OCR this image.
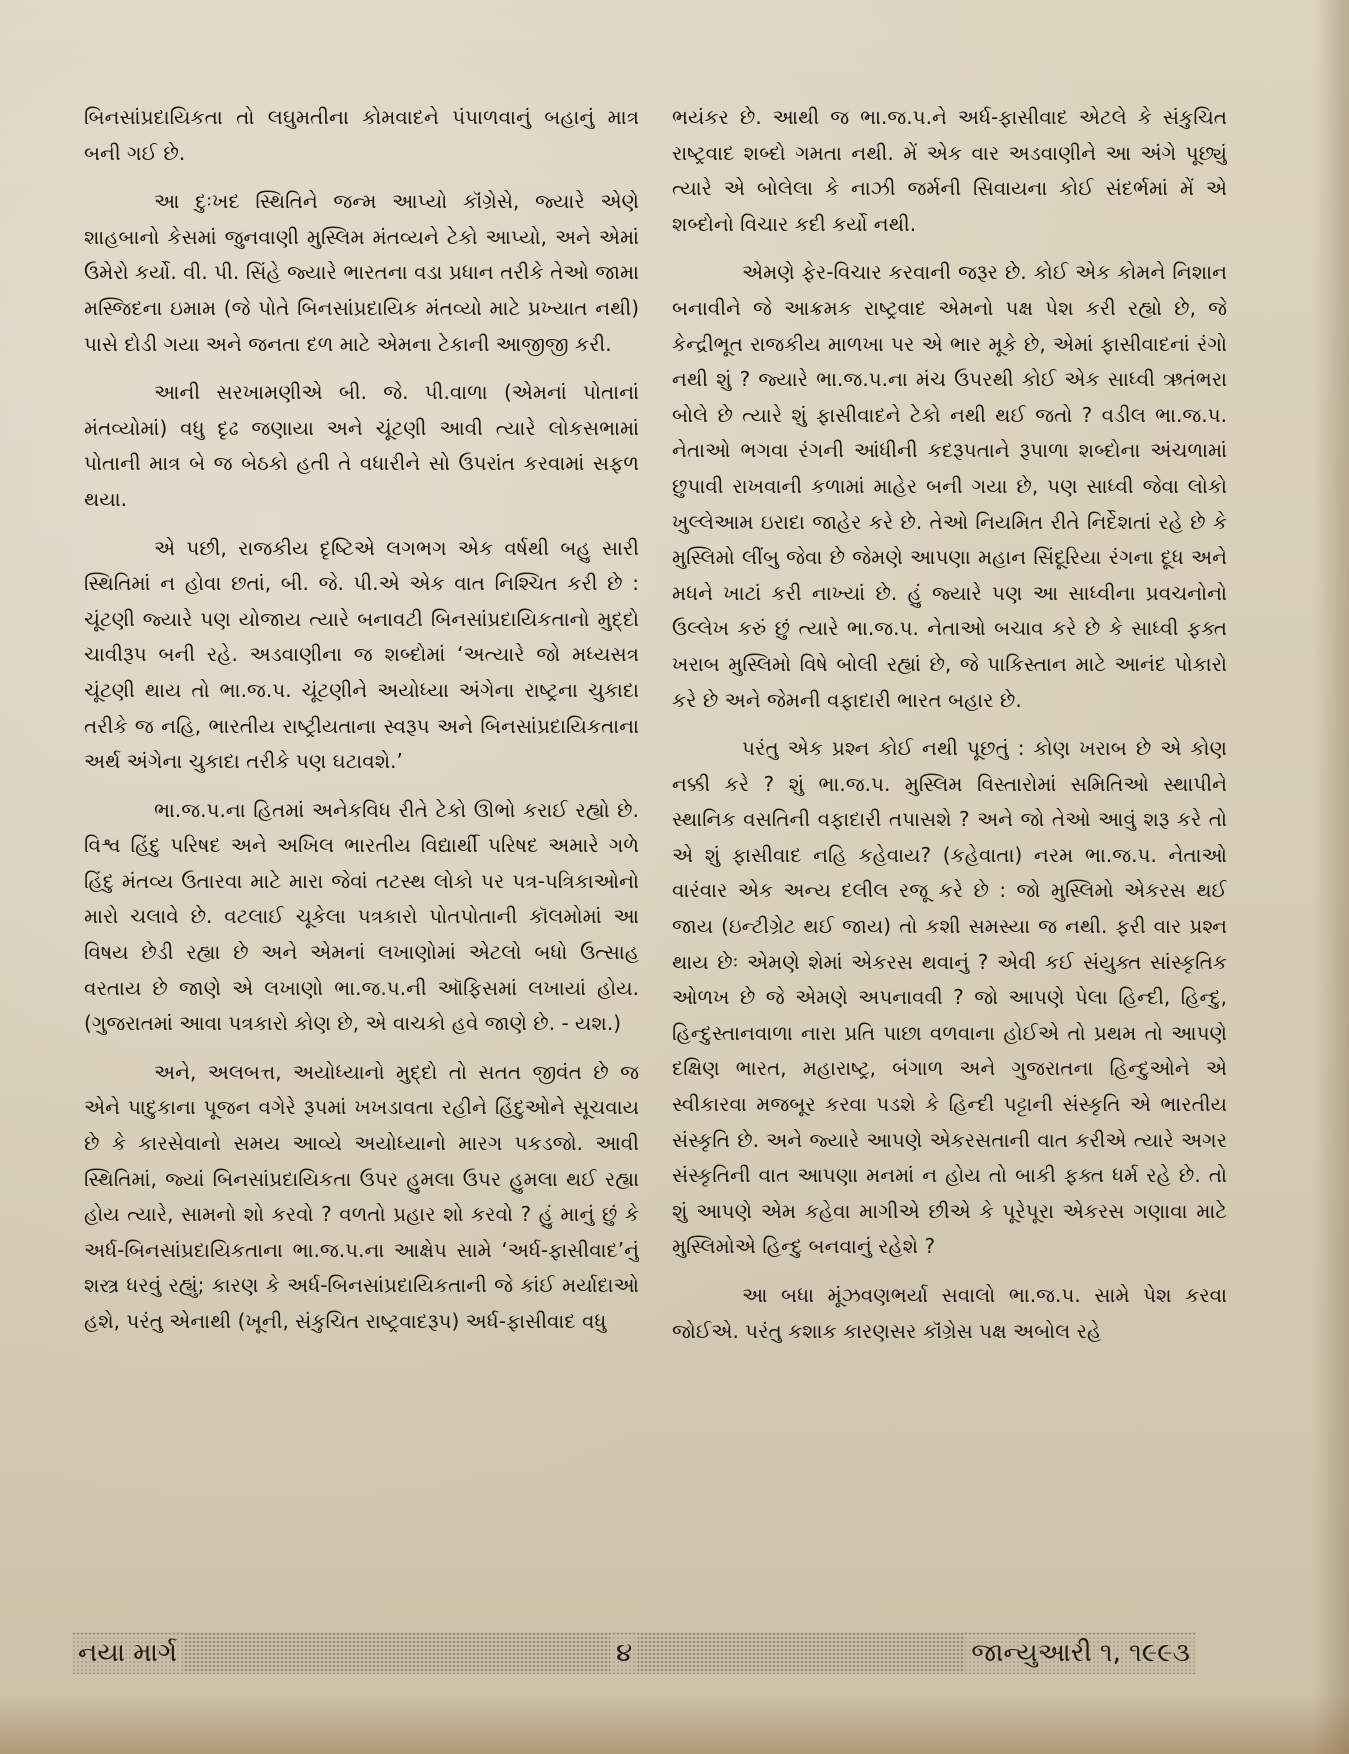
બિનસાંપ્રદાયિકતા તો લઘુમતીના કોમવાદને પંપાળવાનું બહાનું માત્ર બની ગઈ છે.

આ દુઃખદ સ્થિતિને જન્મ આપ્યો કૉંગ્રેસે, જ્યારે એણે શાહબાનો કેસમાં જુનવાણી મુસ્લિમ મંતવ્યને ટેકો આપ્યો, અને એમાં ઉમેરો કર્યો. વી. પી. સિંહે જ્યારે ભારતના વડા પ્રધાન તરીકે તેઓ જામા મસ્જિદના ઇમામ (જે પોતે બિનસાંપ્રદાયિક મંતવ્યો માટે પ્રખ્યાત નથી) પાસે દોડી ગયા અને જનતા દળ માટે એમના ટેકાની આજીજી કરી.

આની સરખામણીએ બી. જે. પી.વાળા (એમનાં પોતાનાં મંતવ્યોમાં) વધુ દૃઢ જણાયા અને ચૂંટણી આવી ત્યારે લોકસભામાં પોતાની માત્ર બે જ બેઠકો હતી તે વધારીને સો ઉપરાંત કરવામાં સફળ થયા.

એ પછી, રાજકીય દૃષ્ટિએ લગભગ એક વર્ષથી બહુ સારી સ્થિતિમાં ન હોવા છતાં, બી. જે. પી.એ એક વાત નિશ્ચિત કરી છે : ચૂંટણી જ્યારે પણ યોજાય ત્યારે બનાવટી બિનસાંપ્રદાયિકતાનો મુદ્દો ચાવીરૂપ બની રહે. અડવાણીના જ શબ્દોમાં ‘અત્યારે જો મધ્યસત્ર ચૂંટણી થાય તો ભા.જ.પ. ચૂંટણીને અયોધ્યા અંગેના રાષ્ટ્રના ચુકાદા તરીકે જ નહિ, ભારતીય રાષ્ટ્રીયતાના સ્વરૂપ અને બિનસાંપ્રદાયિકતાના અર્થ અંગેના ચુકાદા તરીકે પણ ઘટાવશે.’

ભા.જ.પ.ના હિતમાં અનેકવિધ રીતે ટેકો ઊભો કરાઈ રહ્યો છે. વિશ્વ હિંદુ પરિષદ અને અખિલ ભારતીય વિદ્યાર્થી પરિષદ અમારે ગળે હિંદુ મંતવ્ય ઉતારવા માટે મારા જેવાં તટસ્થ લોકો પર પત્ર-પત્રિકાઓનો મારો ચલાવે છે. વટલાઈ ચૂકેલા પત્રકારો પોતપોતાની કૉલમોમાં આ વિષય છેડી રહ્યા છે અને એમનાં લખાણોમાં એટલો બધો ઉત્સાહ વરતાય છે જાણે એ લખાણો ભા.જ.પ.ની ઑફિસમાં લખાયાં હોય. (ગુજરાતમાં આવા પત્રકારો કોણ છે, એ વાચકો હવે જાણે છે. - યશ.)

અને, અલબત્ત, અયોધ્યાનો મુદ્દો તો સતત જીવંત છે જ એને પાદુકાના પૂજન વગેરે રૂપમાં ખખડાવતા રહીને હિંદુઓને સૂચવાય છે કે કારસેવાનો સમય આવ્યે અયોધ્યાનો મારગ પકડજો. આવી સ્થિતિમાં, જ્યાં બિનસાંપ્રદાયિકતા ઉપર હુમલા ઉપર હુમલા થઈ રહ્યા હોય ત્યારે, સામનો શો કરવો ? વળતો પ્રહાર શો કરવો ? હું માનું છું કે અર્ધ-બિનસાંપ્રદાયિકતાના ભા.જ.પ.ના આક્ષેપ સામે ‘અર્ધ-ફાસીવાદ’નું શસ્ત્ર ધરવું રહ્યું; કારણ કે અર્ધ-બિનસાંપ્રદાયિકતાની જે કાંઈ મર્યાદાઓ હશે, પરંતુ એનાથી (ખૂની, સંકુચિત રાષ્ટ્રવાદરૂપ) અર્ધ-ફાસીવાદ વધુ

ભયંકર છે. આથી જ ભા.જ.પ.ને અર્ધ-ફાસીવાદ એટલે કે સંકુચિત રાષ્ટ્રવાદ શબ્દો ગમતા નથી. મેં એક વાર અડવાણીને આ અંગે પૂછ્યું ત્યારે એ બોલેલા કે નાઝી જર્મની સિવાયના કોઈ સંદર્ભમાં મેં એ શબ્દોનો વિચાર કદી કર્યો નથી.

એમણે ફેર-વિચાર કરવાની જરૂર છે. કોઈ એક કોમને નિશાન બનાવીને જે આક્રમક રાષ્ટ્રવાદ એમનો પક્ષ પેશ કરી રહ્યો છે, જે કેન્દ્રીભૂત રાજકીય માળખા પર એ ભાર મૂકે છે, એમાં ફાસીવાદનાં રંગો નથી શું ? જ્યારે ભા.જ.પ.ના મંચ ઉપરથી કોઈ એક સાધ્વી ઋતંભરા બોલે છે ત્યારે શું ફાસીવાદને ટેકો નથી થઈ જતો ? વડીલ ભા.જ.પ. નેતાઓ ભગવા રંગની આંધીની કદરૂપતાને રૂપાળા શબ્દોના અંચળામાં છુપાવી રાખવાની કળામાં માહેર બની ગયા છે, પણ સાધ્વી જેવા લોકો ખુલ્લેઆમ ઇરાદા જાહેર કરે છે. તેઓ નિયમિત રીતે નિર્દેશતાં રહે છે કે મુસ્લિમો લીંબુ જેવા છે જેમણે આપણા મહાન સિંદૂરિયા રંગના દૂધ અને મધને ખાટાં કરી નાખ્યાં છે. હું જ્યારે પણ આ સાધ્વીના પ્રવચનોનો ઉલ્લેખ કરું છું ત્યારે ભા.જ.પ. નેતાઓ બચાવ કરે છે કે સાધ્વી ફક્ત ખરાબ મુસ્લિમો વિષે બોલી રહ્યાં છે, જે પાકિસ્તાન માટે આનંદ પોકારો કરે છે અને જેમની વફાદારી ભારત બહાર છે.

પરંતુ એક પ્રશ્ન કોઈ નથી પૂછતું : કોણ ખરાબ છે એ કોણ નક્કી કરે ? શું ભા.જ.પ. મુસ્લિમ વિસ્તારોમાં સમિતિઓ સ્થાપીને સ્થાનિક વસતિની વફાદારી તપાસશે ? અને જો તેઓ આવું શરૂ કરે તો એ શું ફાસીવાદ નહિ કહેવાય? (કહેવાતા) નરમ ભા.જ.પ. નેતાઓ વારંવાર એક અન્ય દલીલ રજૂ કરે છે : જો મુસ્લિમો એકરસ થઈ જાય (ઇન્ટીગ્રેટ થઈ જાય) તો કશી સમસ્યા જ નથી. ફરી વાર પ્રશ્ન થાય છેઃ એમણે શેમાં એકરસ થવાનું ? એવી કઈ સંયુક્ત સાંસ્કૃતિક ઓળખ છે જે એમણે અપનાવવી ? જો આપણે પેલા હિન્દી, હિન્દુ, હિન્દુસ્તાનવાળા નારા પ્રતિ પાછા વળવાના હોઈએ તો પ્રથમ તો આપણે દક્ષિણ ભારત, મહારાષ્ટ્ર, બંગાળ અને ગુજરાતના હિન્દુઓને એ સ્વીકારવા મજબૂર કરવા પડશે કે હિન્દી પટ્ટાની સંસ્કૃતિ એ ભારતીય સંસ્કૃતિ છે. અને જ્યારે આપણે એકરસતાની વાત કરીએ ત્યારે અગર સંસ્કૃતિની વાત આપણા મનમાં ન હોય તો બાકી ફક્ત ધર્મ રહે છે. તો શું આપણે એમ કહેવા માગીએ છીએ કે પૂરેપૂરા એકરસ ગણાવા માટે મુસ્લિમોએ હિન્દુ બનવાનું રહેશે ?

આ બધા મૂંઝવણભર્યા સવાલો ભા.જ.પ. સામે પેશ કરવા જોઈએ. પરંતુ કશાક કારણસર કૉંગ્રેસ પક્ષ અબોલ રહે

નયા માર્ગ	૪	જાન્યુઆરી ૧, ૧૯૯૩
